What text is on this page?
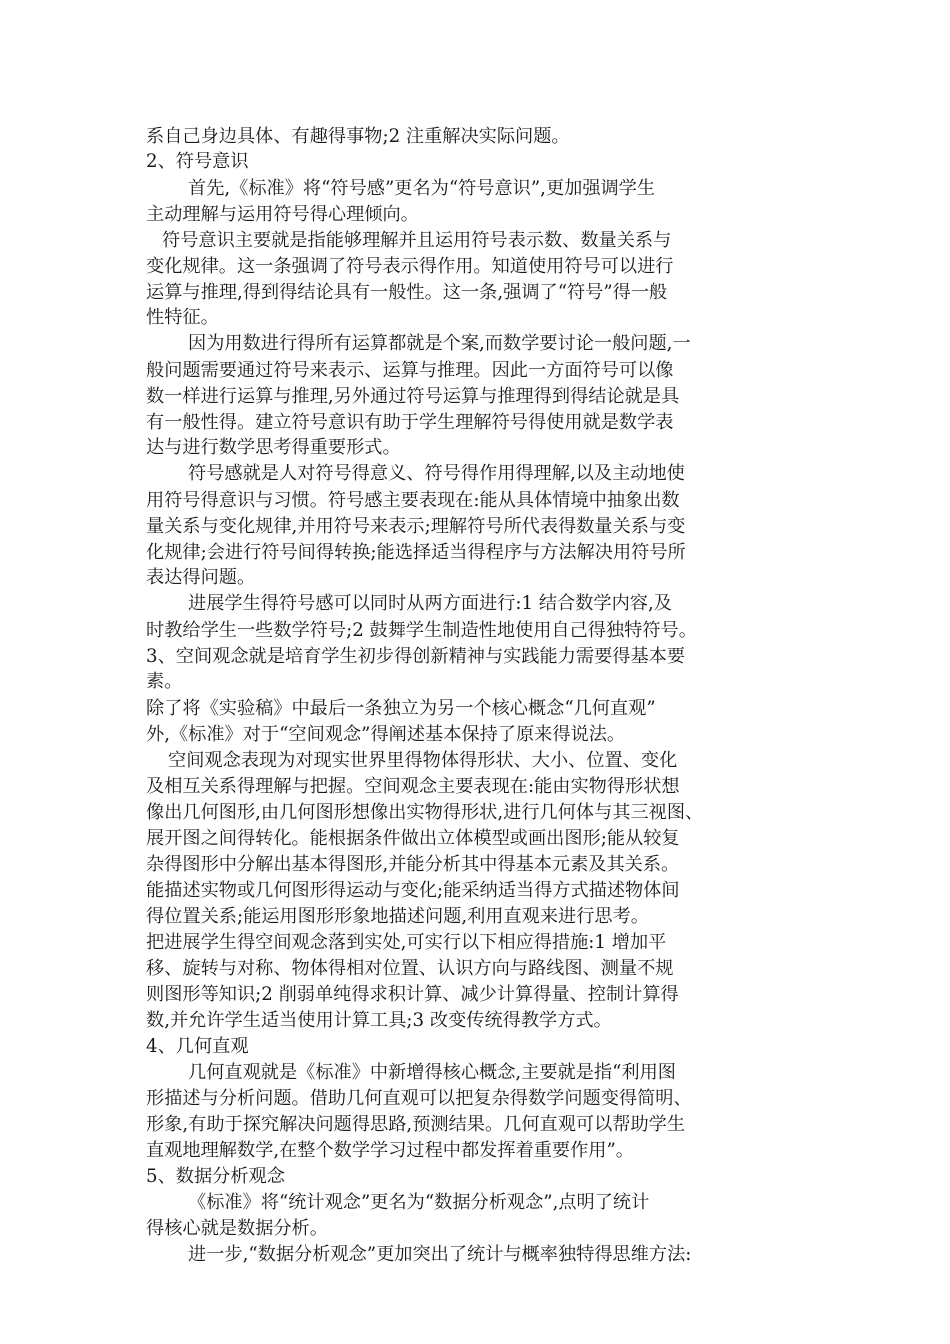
系自己身边具体、有趣得事物;2 注重解决实际问题。
2、符号意识
首先,《标准》将“符号感”更名为“符号意识”,更加强调学生
主动理解与运用符号得心理倾向。
符号意识主要就是指能够理解并且运用符号表示数、数量关系与
变化规律。这一条强调了符号表示得作用。知道使用符号可以进行
运算与推理,得到得结论具有一般性。这一条,强调了“符号”得一般
性特征。
因为用数进行得所有运算都就是个案,而数学要讨论一般问题,一
般问题需要通过符号来表示、运算与推理。因此一方面符号可以像
数一样进行运算与推理,另外通过符号运算与推理得到得结论就是具
有一般性得。建立符号意识有助于学生理解符号得使用就是数学表
达与进行数学思考得重要形式。
符号感就是人对符号得意义、符号得作用得理解,以及主动地使
用符号得意识与习惯。符号感主要表现在:能从具体情境中抽象出数
量关系与变化规律,并用符号来表示;理解符号所代表得数量关系与变
化规律;会进行符号间得转换;能选择适当得程序与方法解决用符号所
表达得问题。
进展学生得符号感可以同时从两方面进行:1 结合数学内容,及
时教给学生一些数学符号;2 鼓舞学生制造性地使用自己得独特符号。
3、空间观念就是培育学生初步得创新精神与实践能力需要得基本要
素。
除了将《实验稿》中最后一条独立为另一个核心概念“几何直观”
外,《标准》对于“空间观念”得阐述基本保持了原来得说法。
空间观念表现为对现实世界里得物体得形状、大小、位置、变化
及相互关系得理解与把握。空间观念主要表现在:能由实物得形状想
像出几何图形,由几何图形想像出实物得形状,进行几何体与其三视图、
展开图之间得转化。能根据条件做出立体模型或画出图形;能从较复
杂得图形中分解出基本得图形,并能分析其中得基本元素及其关系。
能描述实物或几何图形得运动与变化;能采纳适当得方式描述物体间
得位置关系;能运用图形形象地描述问题,利用直观来进行思考。
把进展学生得空间观念落到实处,可实行以下相应得措施:1 增加平
移、旋转与对称、物体得相对位置、认识方向与路线图、测量不规
则图形等知识;2 削弱单纯得求积计算、减少计算得量、控制计算得
数,并允许学生适当使用计算工具;3 改变传统得教学方式。
4、几何直观
几何直观就是《标准》中新增得核心概念,主要就是指“利用图
形描述与分析问题。借助几何直观可以把复杂得数学问题变得简明、
形象,有助于探究解决问题得思路,预测结果。几何直观可以帮助学生
直观地理解数学,在整个数学学习过程中都发挥着重要作用”。
5、数据分析观念
《标准》将“统计观念”更名为“数据分析观念”,点明了统计
得核心就是数据分析。
进一步,“数据分析观念”更加突出了统计与概率独特得思维方法:
